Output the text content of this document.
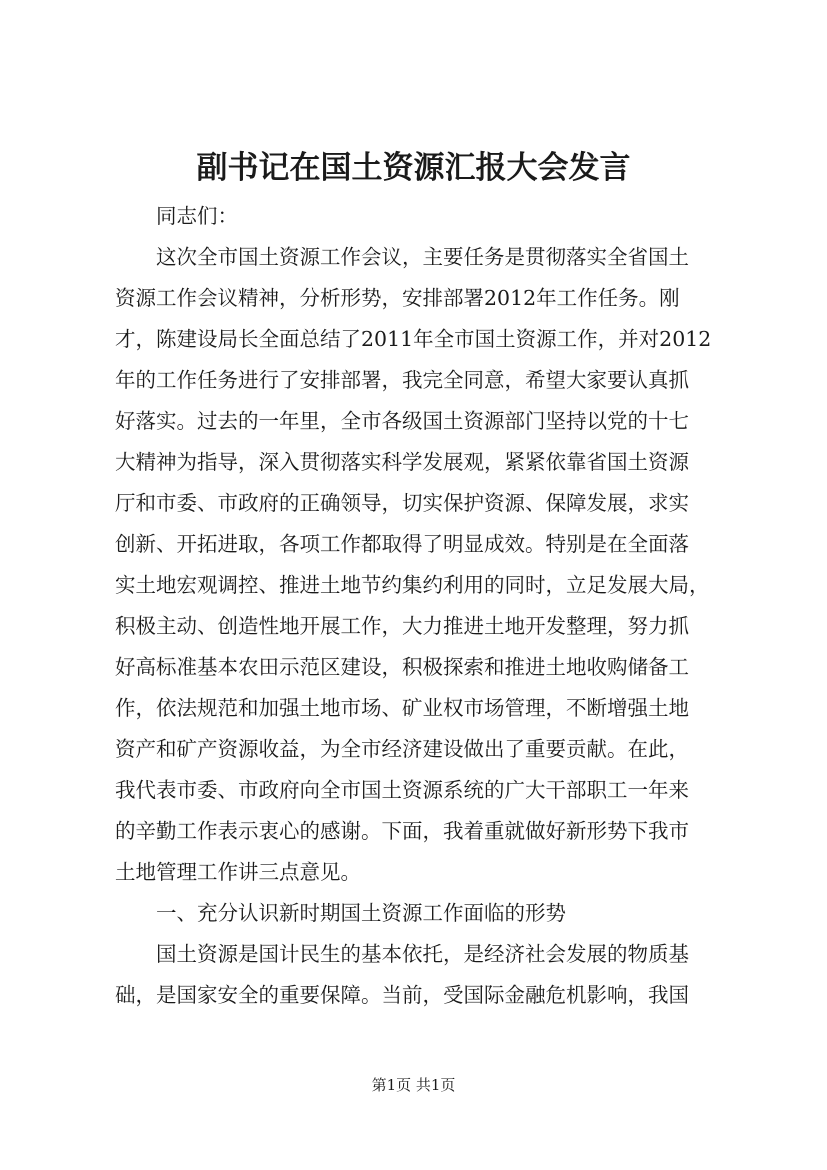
副书记在国土资源汇报大会发言

同志们：

这次全市国土资源工作会议，主要任务是贯彻落实全省国土

资源工作会议精神，分析形势，安排部署2012年工作任务。刚

才，陈建设局长全面总结了2011年全市国土资源工作，并对2012

年的工作任务进行了安排部署，我完全同意，希望大家要认真抓

好落实。过去的一年里，全市各级国土资源部门坚持以党的十七

大精神为指导，深入贯彻落实科学发展观，紧紧依靠省国土资源

厅和市委、市政府的正确领导，切实保护资源、保障发展，求实

创新、开拓进取，各项工作都取得了明显成效。特别是在全面落

实土地宏观调控、推进土地节约集约利用的同时，立足发展大局，

积极主动、创造性地开展工作，大力推进土地开发整理，努力抓

好高标准基本农田示范区建设，积极探索和推进土地收购储备工

作，依法规范和加强土地市场、矿业权市场管理，不断增强土地

资产和矿产资源收益，为全市经济建设做出了重要贡献。在此，

我代表市委、市政府向全市国土资源系统的广大干部职工一年来

的辛勤工作表示衷心的感谢。下面，我着重就做好新形势下我市

土地管理工作讲三点意见。

一、充分认识新时期国土资源工作面临的形势

国土资源是国计民生的基本依托，是经济社会发展的物质基

础，是国家安全的重要保障。当前，受国际金融危机影响，我国

第1页 共1页
